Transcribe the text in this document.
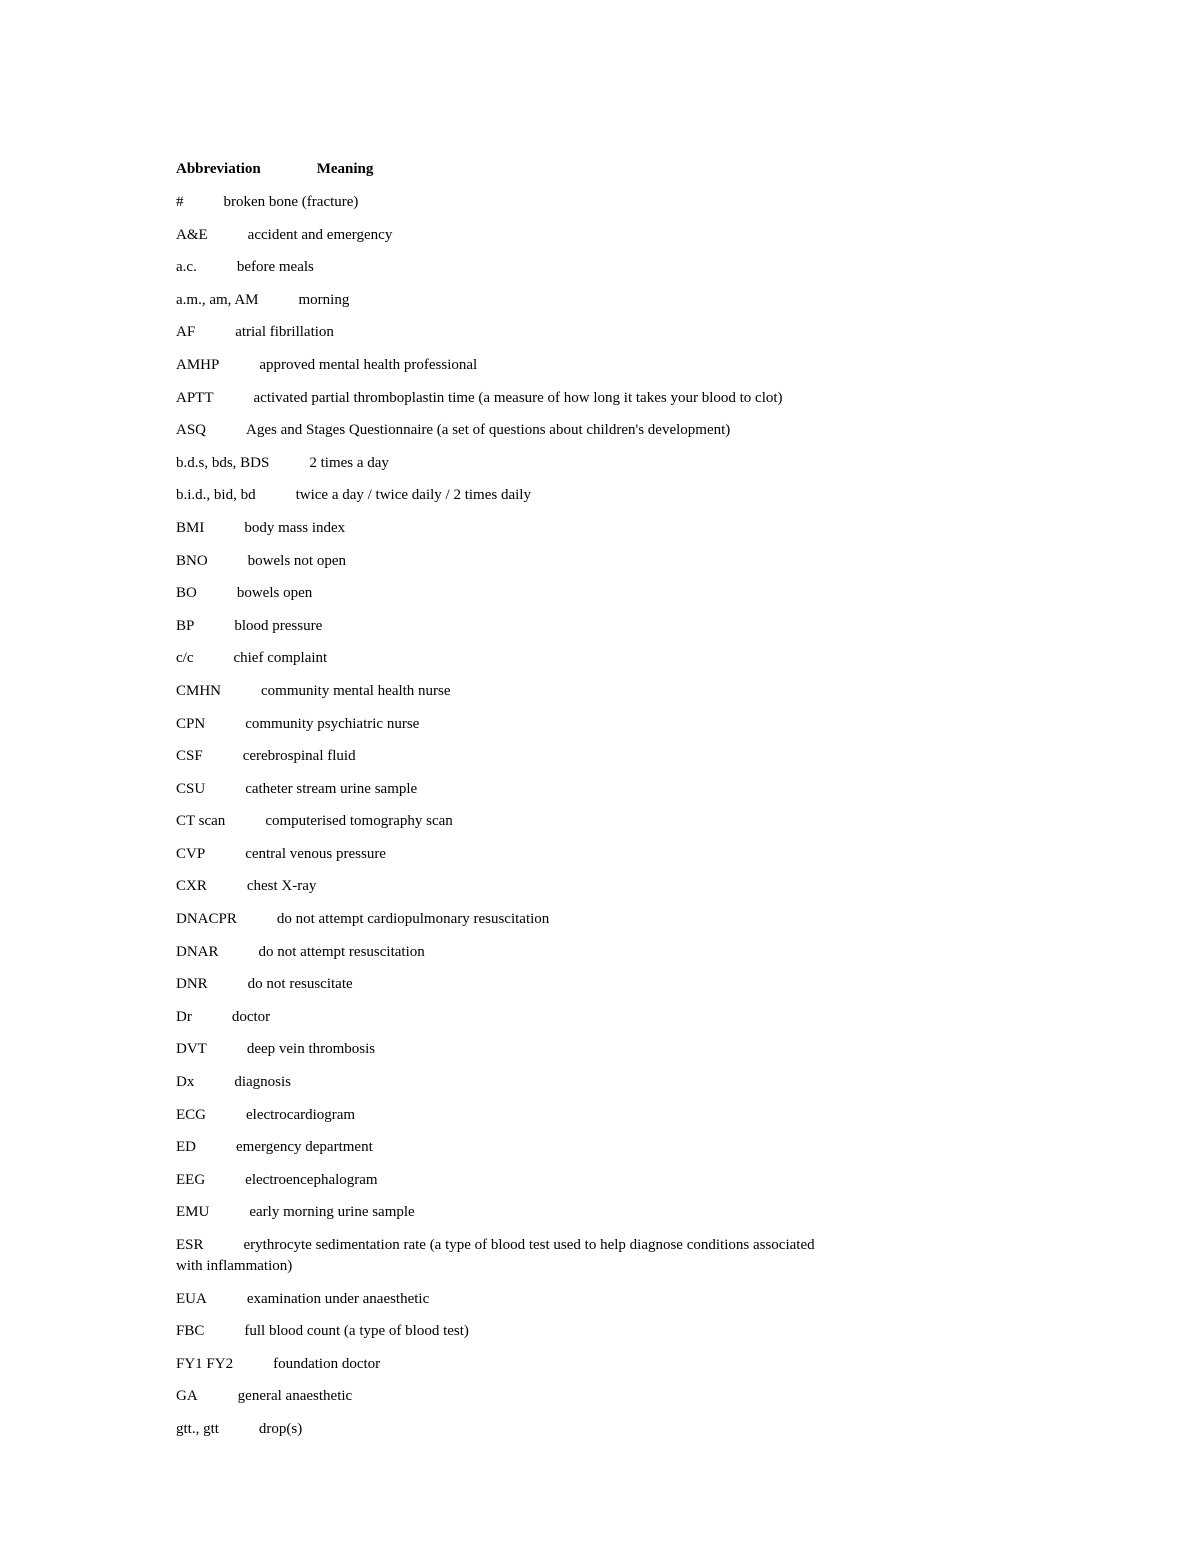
Abbreviation	Meaning
#	broken bone (fracture)
A&E	accident and emergency
a.c.	before meals
a.m., am, AM	morning
AF	atrial fibrillation
AMHP	approved mental health professional
APTT	activated partial thromboplastin time (a measure of how long it takes your blood to clot)
ASQ	Ages and Stages Questionnaire (a set of questions about children's development)
b.d.s, bds, BDS	2 times a day
b.i.d., bid, bd	twice a day / twice daily / 2 times daily
BMI	body mass index
BNO	bowels not open
BO	bowels open
BP	blood pressure
c/c	chief complaint
CMHN	community mental health nurse
CPN	community psychiatric nurse
CSF	cerebrospinal fluid
CSU	catheter stream urine sample
CT scan	computerised tomography scan
CVP	central venous pressure
CXR	chest X-ray
DNACPR	do not attempt cardiopulmonary resuscitation
DNAR	do not attempt resuscitation
DNR	do not resuscitate
Dr	doctor
DVT	deep vein thrombosis
Dx	diagnosis
ECG	electrocardiogram
ED	emergency department
EEG	electroencephalogram
EMU	early morning urine sample
ESR	erythrocyte sedimentation rate (a type of blood test used to help diagnose conditions associated with inflammation)
EUA	examination under anaesthetic
FBC	full blood count (a type of blood test)
FY1 FY2	foundation doctor
GA	general anaesthetic
gtt., gtt	drop(s)
